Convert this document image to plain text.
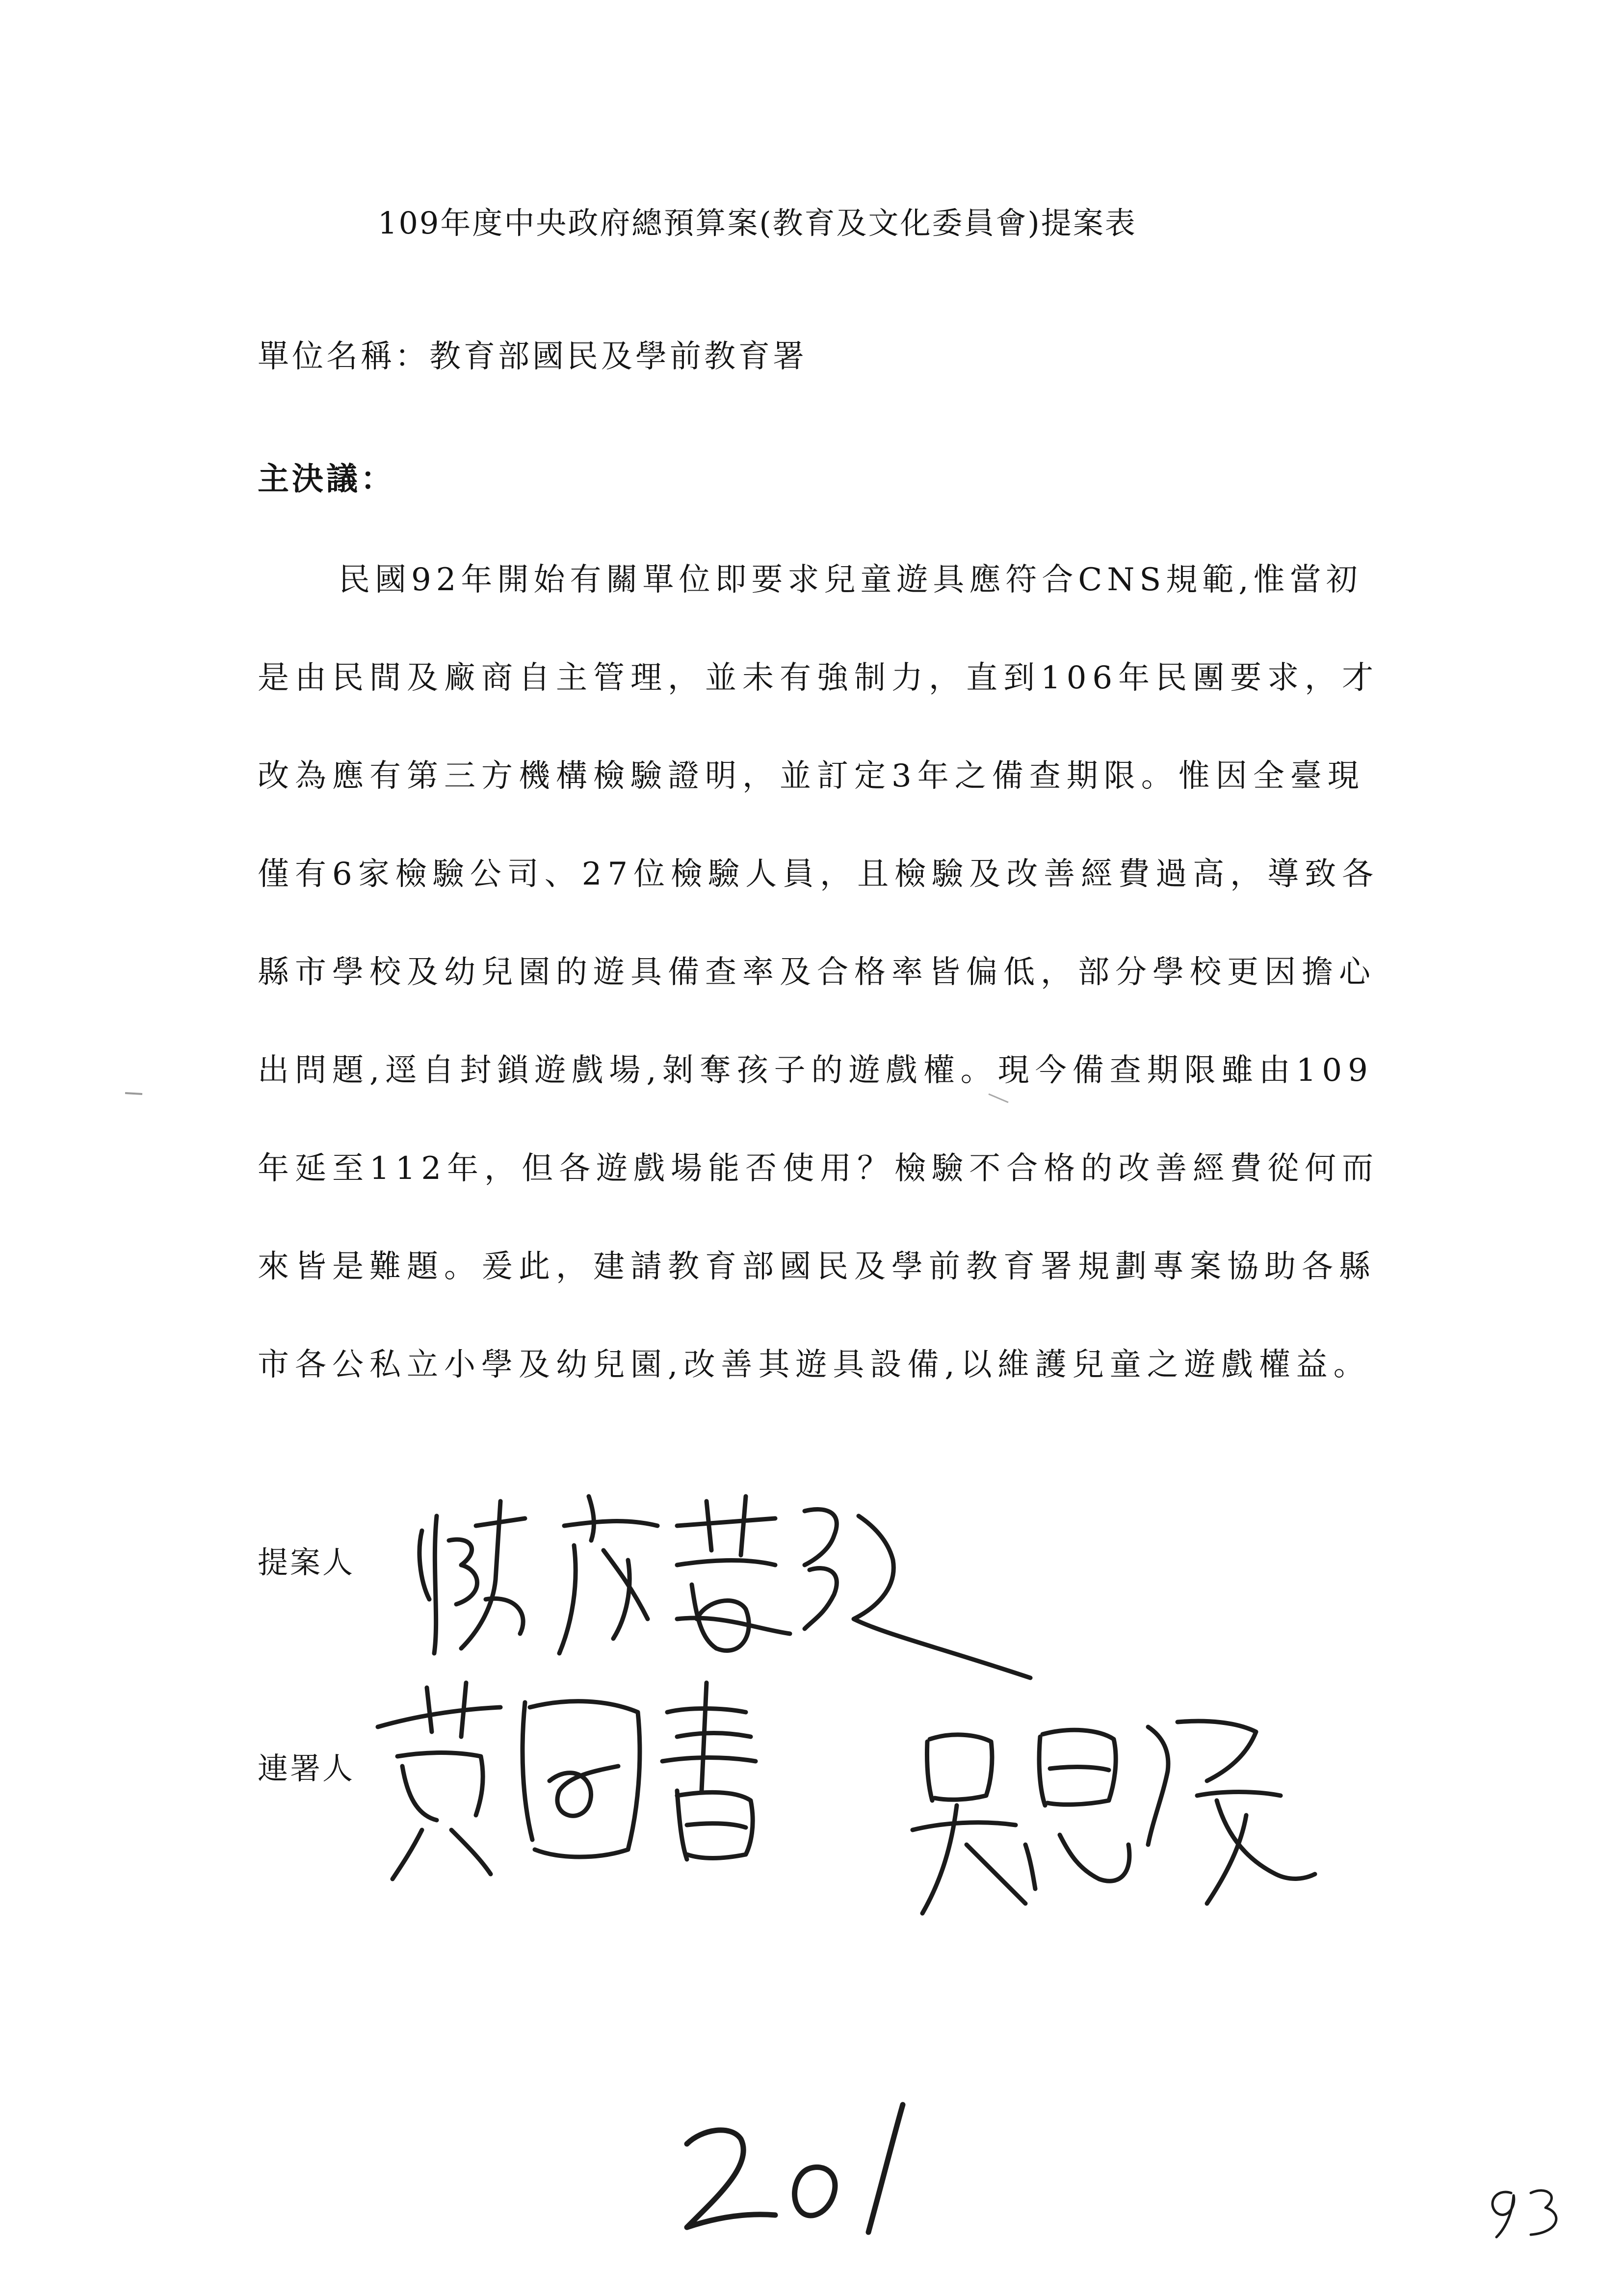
109年度中央政府總預算案(教育及文化委員會)提案表
單位名稱：教育部國民及學前教育署
主決議：
民國92年開始有關單位即要求兒童遊具應符合CNS規範,惟當初
是由民間及廠商自主管理，並未有強制力，直到106年民團要求，才
改為應有第三方機構檢驗證明，並訂定3年之備查期限。惟因全臺現
僅有6家檢驗公司、27位檢驗人員，且檢驗及改善經費過高，導致各
縣市學校及幼兒園的遊具備查率及合格率皆偏低，部分學校更因擔心
出問題,逕自封鎖遊戲場,剝奪孩子的遊戲權。現今備查期限雖由109
年延至112年，但各遊戲場能否使用？檢驗不合格的改善經費從何而
來皆是難題。爰此，建請教育部國民及學前教育署規劃專案協助各縣
市各公私立小學及幼兒園,改善其遊具設備,以維護兒童之遊戲權益。
提案人
連署人
